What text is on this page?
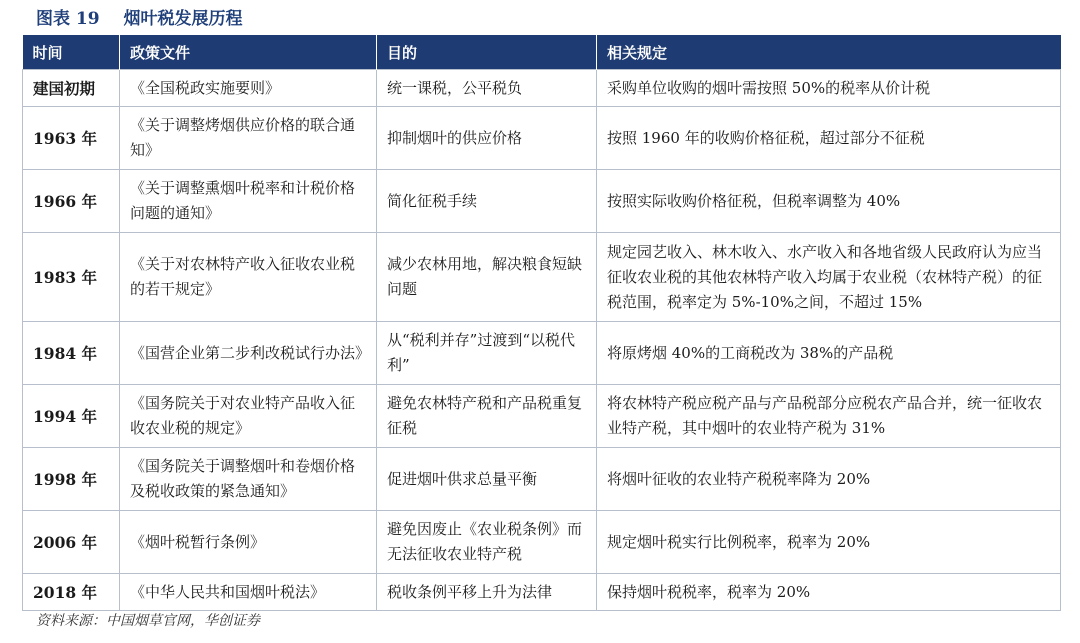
图表 19 烟叶税发展历程
时间	政策文件	目的	相关规定
建国初期	《全国税政实施要则》	统一课税，公平税负	采购单位收购的烟叶需按照 50%的税率从价计税
1963 年	《关于调整烤烟供应价格的联合通知》	抑制烟叶的供应价格	按照 1960 年的收购价格征税，超过部分不征税
1966 年	《关于调整熏烟叶税率和计税价格问题的通知》	简化征税手续	按照实际收购价格征税，但税率调整为 40%
1983 年	《关于对农林特产收入征收农业税的若干规定》	减少农林用地，解决粮食短缺问题	规定园艺收入、林木收入、水产收入和各地省级人民政府认为应当征收农业税的其他农林特产收入均属于农业税（农林特产税）的征税范围，税率定为 5%-10%之间，不超过 15%
1984 年	《国营企业第二步利改税试行办法》	从“税利并存”过渡到“以税代利”	将原烤烟 40%的工商税改为 38%的产品税
1994 年	《国务院关于对农业特产品收入征收农业税的规定》	避免农林特产税和产品税重复征税	将农林特产税应税产品与产品税部分应税农产品合并，统一征收农业特产税，其中烟叶的农业特产税为 31%
1998 年	《国务院关于调整烟叶和卷烟价格及税收政策的紧急通知》	促进烟叶供求总量平衡	将烟叶征收的农业特产税税率降为 20%
2006 年	《烟叶税暂行条例》	避免因废止《农业税条例》而无法征收农业特产税	规定烟叶税实行比例税率，税率为 20%
2018 年	《中华人民共和国烟叶税法》	税收条例平移上升为法律	保持烟叶税税率，税率为 20%
资料来源：中国烟草官网，华创证券
